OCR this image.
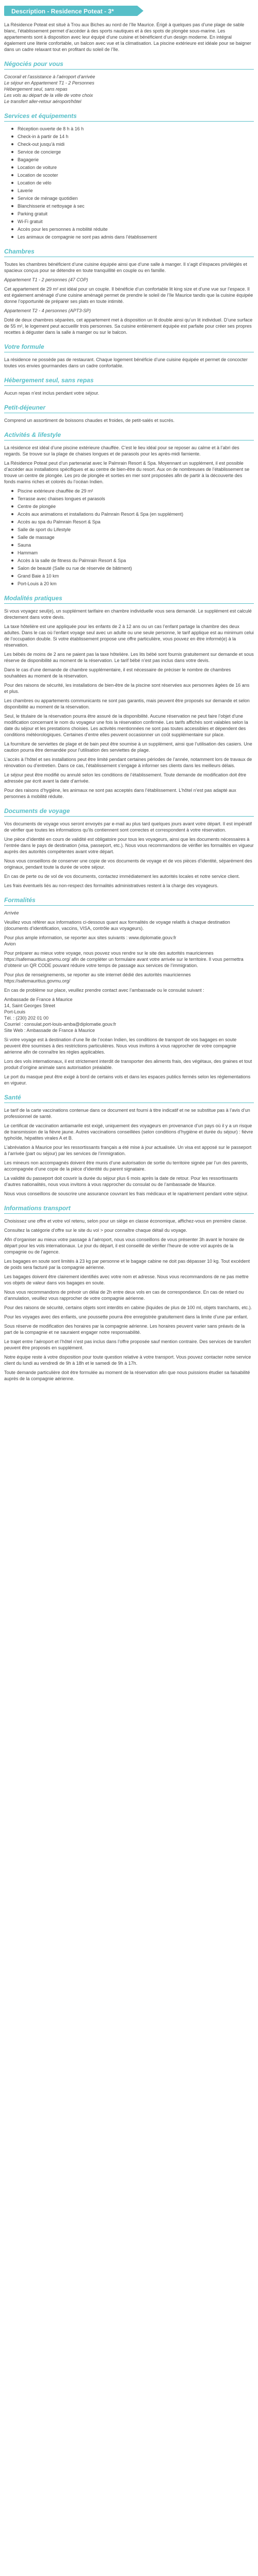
Description - Residence Poteat - 3*

La Résidence Poteat est situé à Trou aux Biches au nord de l’île Maurice. Érigé à quelques pas d’une plage de sable blanc, l’établissement permet d’accéder à des sports nautiques et à des spots de plongée sous-marine. Les appartements sont à disposition avec leur équipé d'une cuisine et bénéficient d’un design moderne. En intégral également une literie confortable, un balcon avec vue et la climatisation. La piscine extérieure est idéale pour se baigner dans un cadre relaxant tout en profitant du soleil de l’île.

Négociés pour vous

Cocorail et l'assistance à l’aéroport d’arrivée
Le séjour en Appartement T1 - 2 Personnes
Hébergement seul, sans repas
Les vols au départ de la ville de votre choix
Le transfert aller-retour aéroport/hôtel

Services et équipements
Réception ouverte de 8 h à 16 h
Check-in à partir de 14 h
Check-out jusqu’à midi
Service de concierge
Bagagerie
Location de voiture
Location de scooter
Location de vélo
Laverie
Service de ménage quotidien
Blanchisserie et nettoyage à sec
Parking gratuit
Wi-Fi gratuit
Accès pour les personnes à mobilité réduite
Les animaux de compagnie ne sont pas admis dans l’établissement
Chambres

Toutes les chambres bénéficient d’une cuisine équipée ainsi que d’une salle à manger. Il s’agit d’éspaces privilégiés et spacieux conçus pour se détendre en toute tranquillité en couple ou en famille.

Appartement T1 - 2 personnes (47 COP)

Cet appartement de 29 m² est idéal pour un couple. Il bénéficie d’un confortable lit king size et d’une vue sur l’espace. Il est également aménagé d’une cuisine aménagé permet de prendre le soleil de l’île Maurice tandis que la cuisine équipée donne l’opportunité de préparer ses plats en toute intimité.

Appartement T2 - 4 personnes (APT3-SP)

Doté de deux chambres séparées, cet appartement met à disposition un lit double ainsi qu’un lit individuel. D’une surface de 55 m², le logement peut accueillir trois personnes. Sa cuisine entièrement équipée est parfaite pour créer ses propres recettes à déguster dans la salle à manger ou sur le balcon.

Votre formule

La résidence ne possède pas de restaurant. Chaque logement bénéficie d’une cuisine équipée et permet de concocter toutes vos envies gourmandes dans un cadre confortable.

Hébergement seul, sans repas

Aucun repas n’est inclus pendant votre séjour.

Petit-déjeuner

Comprend un assortiment de boissons chaudes et froides, de petit-salés et sucrés.

Activités & lifestyle

La résidence est idéal d’une piscine extérieure chauffée. C’est le lieu idéal pour se reposer au calme et à l’abri des regards. Se trouve sur la plage de chaises longues et de parasols pour les après-midi farniente.

La Résidence Poteat peut d’un partenariat avec le Palmrain Resort & Spa. Moyennant un supplément, il est possible d’accéder aux installations spécifiques et au centre de bien-être du resort. Aux on de nombreuses de l’établissement se trouve un centre de plongée. Les pro de plongée et sorties en mer sont proposées afin de partir à la découverte des fonds marins riches et colorés du l’océan Indien.

Piscine extérieure chauffée de 29 m²
Terrasse avec chaises longues et parasols
Centre de plongée
Accès aux animations et installations du Palmrain Resort & Spa (en supplément)
Accès au spa du Palmrain Resort & Spa
Salle de sport du Lifestyle
Salle de massage
Sauna
Hammam
Accès à la salle de fitness du Palmrain Resort & Spa
Salon de beauté (Salle ou rue de réservée de bâtiment)
Grand Baie à 10 km
Port-Louis à 20 km
Modalités pratiques

Si vous voyagez seul(e), un supplément tarifaire en chambre individuelle vous sera demandé. Le supplément est calculé directement dans votre devis.

La taxe hôtelière est une appliquée pour les enfants de 2 à 12 ans ou un cas l’enfant partage la chambre des deux adultes. Dans le cas où l’enfant voyage seul avec un adulte ou une seule personne, le tarif applique est au minimum celui de l’occupation double. Si votre établissement propose une offre particulière, vous pouvez en être informé(e) à la réservation.

Les bébés de moins de 2 ans ne paient pas la taxe hôtelière. Les lits bébé sont fournis gratuitement sur demande et sous réserve de disponibilité au moment de la réservation. Le tarif bébé n’est pas inclus dans votre devis.

Dans le cas d’une demande de chambre supplémentaire, il est nécessaire de préciser le nombre de chambres souhaitées au moment de la réservation.

Pour des raisons de sécurité, les installations de bien-être de la piscine sont réservées aux personnes âgées de 16 ans et plus.

Les chambres ou appartements communicants ne sont pas garantis, mais peuvent être proposés sur demande et selon disponibilité au moment de la réservation.

Seul, le titulaire de la réservation pourra être assuré de la disponibilité. Aucune réservation ne peut faire l’objet d'une modification concernant le nom du voyageur une fois la réservation confirmée. Les tarifs affichés sont valables selon la date du séjour et les prestations choisies. Les activités mentionnées ne sont pas toutes accessibles et dépendent des conditions météorologiques. Certaines d’entre elles peuvent occasionner un coût supplémentaire sur place.

La fourniture de serviettes de plage et de bain peut être soumise à un supplément, ainsi que l’utilisation des casiers. Une caution pourra être demandée pour l’utilisation des serviettes de plage.

L’accès à l’hôtel et ses installations peut être limité pendant certaines périodes de l’année, notamment lors de travaux de rénovation ou d’entretien. Dans ce cas, l’établissement s’engage à informer ses clients dans les meilleurs délais.

Le séjour peut être modifié ou annulé selon les conditions de l’établissement. Toute demande de modification doit être adressée par écrit avant la date d’arrivée.

Pour des raisons d’hygiène, les animaux ne sont pas acceptés dans l’établissement. L’hôtel n’est pas adapté aux personnes à mobilité réduite.

Documents de voyage

Vos documents de voyage vous seront envoyés par e-mail au plus tard quelques jours avant votre départ. Il est impératif de vérifier que toutes les informations qu’ils contiennent sont correctes et correspondent à votre réservation.

Une pièce d’identité en cours de validité est obligatoire pour tous les voyageurs, ainsi que les documents nécessaires à l’entrée dans le pays de destination (visa, passeport, etc.). Nous vous recommandons de vérifier les formalités en vigueur auprès des autorités compétentes avant votre départ.

Nous vous conseillons de conserver une copie de vos documents de voyage et de vos pièces d’identité, séparément des originaux, pendant toute la durée de votre séjour.

En cas de perte ou de vol de vos documents, contactez immédiatement les autorités locales et notre service client.

Les frais éventuels liés au non-respect des formalités administratives restent à la charge des voyageurs.

Formalités

Arrivée

Veuillez vous référer aux informations ci-dessous quant aux formalités de voyage relatifs à chaque destination (documents d’identification, vaccins, VISA, contrôle aux voyageurs).

Pour plus ample information, se reporter aux sites suivants : www.diplomatie.gouv.fr
Avion

Pour préparer au mieux votre voyage, nous pouvez vous rendre sur le site des autorités mauriciennes https://safemauritius.govmu.org/ afin de compléter un formulaire avant votre arrivée sur le territoire. Il vous permettra d’obtenir un QR CODE pouvant réduire votre temps de passage aux services de l’immigration.

Pour plus de renseignements, se reporter au site internet dédié des autorités mauriciennes https://safemauritius.govmu.org/

En cas de problème sur place, veuillez prendre contact avec l’ambassade ou le consulat suivant :

Ambassade de France à Maurice
14, Saint Georges Street
Port-Louis
Tél. : (230) 202 01 00
Courriel : consulat.port-louis-amba@diplomatie.gouv.fr
Site Web : Ambassade de France à Maurice

Si votre voyage est à destination d’une île de l’océan Indien, les conditions de transport de vos bagages en soute peuvent être soumises à des restrictions particulières. Nous vous invitons à vous rapprocher de votre compagnie aérienne afin de connaître les règles applicables.

Lors des vols internationaux, il est strictement interdit de transporter des aliments frais, des végétaux, des graines et tout produit d’origine animale sans autorisation préalable.

Le port du masque peut être exigé à bord de certains vols et dans les espaces publics fermés selon les réglementations en vigueur.

Santé

Le tarif de la carte vaccinations contenue dans ce document est fourni à titre indicatif et ne se substitue pas à l’avis d’un professionnel de santé.

Le certificat de vaccination antiamarile est exigé, uniquement des voyageurs en provenance d’un pays où il y a un risque de transmission de la fièvre jaune. Autres vaccinations conseillées (selon conditions d’hygiène et durée du séjour) : fièvre typhoïde, hépatites virales A et B.

L’abréviation à Maurice pour les ressortissants français a été mise à jour actualisée. Un visa est apposé sur le passeport à l’arrivée (part ou séjour) par les services de l’immigration.

Les mineurs non accompagnés doivent être munis d’une autorisation de sortie du territoire signée par l’un des parents, accompagnée d’une copie de la pièce d’identité du parent signataire.

La validité du passeport doit couvrir la durée du séjour plus 6 mois après la date de retour. Pour les ressortissants d’autres nationalités, nous vous invitons à vous rapprocher du consulat ou de l’ambassade de Maurice.

Nous vous conseillons de souscrire une assurance couvrant les frais médicaux et le rapatriement pendant votre séjour.

Informations transport

Choisissez une offre et votre vol retenu, selon pour un siège en classe économique, affichez-vous en première classe.

Consultez la catégorie d’offre sur le site du vol > pour connaître chaque détail du voyage.

Afin d’organiser au mieux votre passage à l’aéroport, nous vous conseillons de vous présenter 3h avant le horaire de départ pour les vols internationaux. Le jour du départ, il est conseillé de vérifier l’heure de votre vol auprès de la compagnie ou de l’agence.

Les bagages en soute sont limités à 23 kg par personne et le bagage cabine ne doit pas dépasser 10 kg. Tout excédent de poids sera facturé par la compagnie aérienne.

Les bagages doivent être clairement identifiés avec votre nom et adresse. Nous vous recommandons de ne pas mettre vos objets de valeur dans vos bagages en soute.

Nous vous recommandons de prévoir un délai de 2h entre deux vols en cas de correspondance. En cas de retard ou d’annulation, veuillez vous rapprocher de votre compagnie aérienne.

Pour des raisons de sécurité, certains objets sont interdits en cabine (liquides de plus de 100 ml, objets tranchants, etc.).

Pour les voyages avec des enfants, une poussette pourra être enregistrée gratuitement dans la limite d’une par enfant.

Sous réserve de modification des horaires par la compagnie aérienne. Les horaires peuvent varier sans préavis de la part de la compagnie et ne sauraient engager notre responsabilité.

Le trajet entre l’aéroport et l’hôtel n’est pas inclus dans l’offre proposée sauf mention contraire. Des services de transfert peuvent être proposés en supplément.

Notre équipe reste à votre disposition pour toute question relative à votre transport. Vous pouvez contacter notre service client du lundi au vendredi de 9h à 18h et le samedi de 9h à 17h.

Toute demande particulière doit être formulée au moment de la réservation afin que nous puissions étudier sa faisabilité auprès de la compagnie aérienne.
